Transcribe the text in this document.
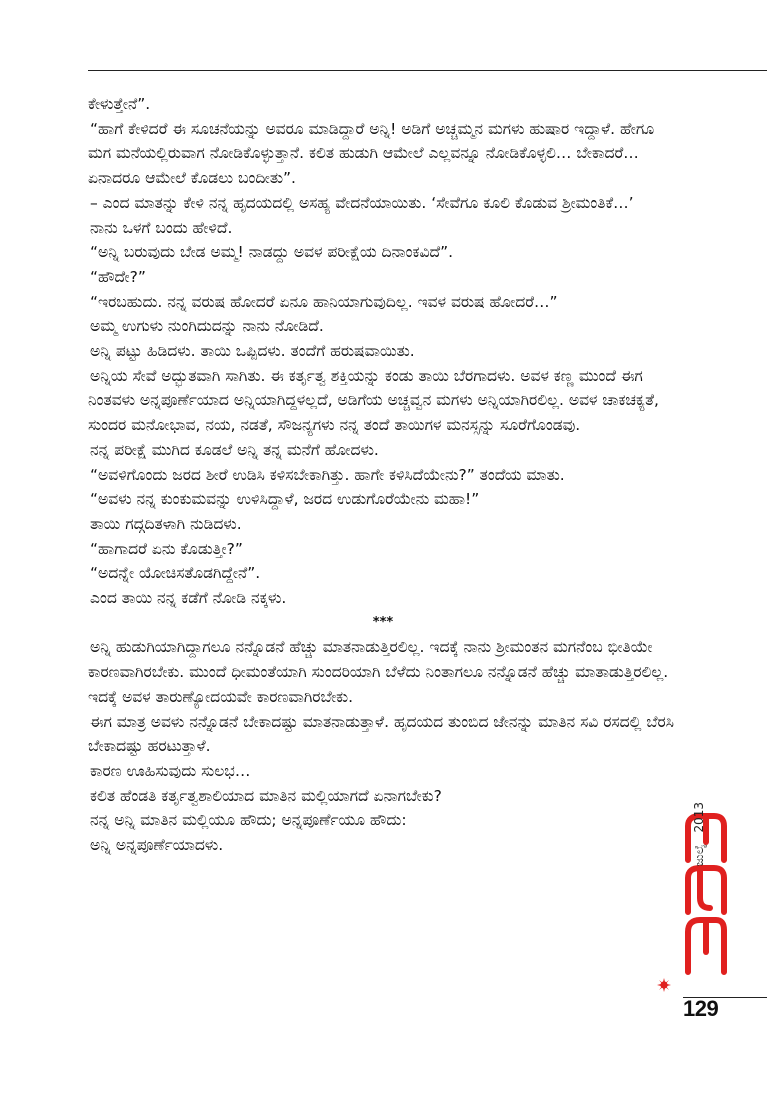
ಕೇಳುತ್ತೇನೆ”.

“ಹಾಗೆ ಕೇಳಿದರೆ ಈ ಸೂಚನೆಯನ್ನು ಅವರೂ ಮಾಡಿದ್ದಾರೆ ಅನ್ನಿ! ಅಡಿಗೆ ಅಚ್ಚಮ್ಮನ ಮಗಳು ಹುಷಾರ ಇದ್ದಾಳೆ. ಹೇಗೂ ಮಗ ಮನೆಯಲ್ಲಿರುವಾಗ ನೋಡಿಕೊಳ್ಳುತ್ತಾನೆ. ಕಲಿತ ಹುಡುಗಿ ಆಮೇಲೆ ಎಲ್ಲವನ್ನೂ ನೋಡಿಕೊಳ್ಳಲಿ… ಬೇಕಾದರೆ… ಏನಾದರೂ ಆಮೇಲೆ ಕೊಡಲು ಬಂದೀತು”.

– ಎಂದ ಮಾತನ್ನು ಕೇಳಿ ನನ್ನ ಹೃದಯದಲ್ಲಿ ಅಸಹ್ಯ ವೇದನೆಯಾಯಿತು. ‘ಸೇವೆಗೂ ಕೂಲಿ ಕೊಡುವ ಶ್ರೀಮಂತಿಕೆ…’

ನಾನು ಒಳಗೆ ಬಂದು ಹೇಳಿದೆ.

“ಅನ್ನಿ ಬರುವುದು ಬೇಡ ಅಮ್ಮ! ನಾಡದ್ದು ಅವಳ ಪರೀಕ್ಷೆಯ ದಿನಾಂಕವಿದೆ”.

“ಹೌದೇ?”

“ಇರಬಹುದು. ನನ್ನ ವರುಷ ಹೋದರೆ ಏನೂ ಹಾನಿಯಾಗುವುದಿಲ್ಲ. ಇವಳ ವರುಷ ಹೋದರೆ…”

ಅಮ್ಮ ಉಗುಳು ನುಂಗಿದುದನ್ನು ನಾನು ನೋಡಿದೆ.

ಅನ್ನಿ ಪಟ್ಟು ಹಿಡಿದಳು. ತಾಯಿ ಒಪ್ಪಿದಳು. ತಂದೆಗೆ ಹರುಷವಾಯಿತು.

ಅನ್ನಿಯ ಸೇವೆ ಅದ್ಭುತವಾಗಿ ಸಾಗಿತು. ಈ ಕರ್ತೃತ್ವ ಶಕ್ತಿಯನ್ನು ಕಂಡು ತಾಯಿ ಬೆರಗಾದಳು. ಅವಳ ಕಣ್ಣ ಮುಂದೆ ಈಗ ನಿಂತವಳು ಅನ್ನಪೂರ್ಣೆಯಾದ ಅನ್ನಿಯಾಗಿದ್ದಳಲ್ಲದೆ, ಅಡಿಗೆಯ ಅಚ್ಚವ್ವನ ಮಗಳು ಅನ್ನಿಯಾಗಿರಲಿಲ್ಲ. ಅವಳ ಚಾಕಚಕ್ಯತೆ, ಸುಂದರ ಮನೋಭಾವ, ನಯ, ನಡತೆ, ಸೌಜನ್ಯಗಳು ನನ್ನ ತಂದೆ ತಾಯಿಗಳ ಮನಸ್ಸನ್ನು ಸೂರೆಗೊಂಡವು.

ನನ್ನ ಪರೀಕ್ಷೆ ಮುಗಿದ ಕೂಡಲೆ ಅನ್ನಿ ತನ್ನ ಮನೆಗೆ ಹೋದಳು.

“ಅವಳಿಗೊಂದು ಜರದ ಶೀರೆ ಉಡಿಸಿ ಕಳಿಸಬೇಕಾಗಿತ್ತು. ಹಾಗೇ ಕಳಿಸಿದೆಯೇನು?” ತಂದೆಯ ಮಾತು.

“ಅವಳು ನನ್ನ ಕುಂಕುಮವನ್ನು ಉಳಿಸಿದ್ದಾಳೆ, ಜರದ ಉಡುಗೊರೆಯೇನು ಮಹಾ!”

ತಾಯಿ ಗದ್ಗದಿತಳಾಗಿ ನುಡಿದಳು.

“ಹಾಗಾದರೆ ಏನು ಕೊಡುತ್ತೀ?”

“ಅದನ್ನೇ ಯೋಚಿಸತೊಡಗಿದ್ದೇನೆ”.

ಎಂದ ತಾಯಿ ನನ್ನ ಕಡೆಗೆ ನೋಡಿ ನಕ್ಕಳು.

***

ಅನ್ನಿ ಹುಡುಗಿಯಾಗಿದ್ದಾಗಲೂ ನನ್ನೊಡನೆ ಹೆಚ್ಚು ಮಾತನಾಡುತ್ತಿರಲಿಲ್ಲ. ಇದಕ್ಕೆ ನಾನು ಶ್ರೀಮಂತನ ಮಗನೆಂಬ ಭೀತಿಯೇ ಕಾರಣವಾಗಿರಬೇಕು. ಮುಂದೆ ಧೀಮಂತೆಯಾಗಿ ಸುಂದರಿಯಾಗಿ ಬೆಳೆದು ನಿಂತಾಗಲೂ ನನ್ನೊಡನೆ ಹೆಚ್ಚು ಮಾತಾಡುತ್ತಿರಲಿಲ್ಲ. ಇದಕ್ಕೆ ಅವಳ ತಾರುಣ್ಯೋದಯವೇ ಕಾರಣವಾಗಿರಬೇಕು.

ಈಗ ಮಾತ್ರ ಅವಳು ನನ್ನೊಡನೆ ಬೇಕಾದಷ್ಟು ಮಾತನಾಡುತ್ತಾಳೆ. ಹೃದಯದ ತುಂಬಿದ ಜೇನನ್ನು ಮಾತಿನ ಸವಿ ರಸದಲ್ಲಿ ಬೆರಸಿ ಬೇಕಾದಷ್ಟು ಹರಟುತ್ತಾಳೆ.

ಕಾರಣ ಊಹಿಸುವುದು ಸುಲಭ…

ಕಲಿತ ಹೆಂಡತಿ ಕರ್ತೃತ್ವಶಾಲಿಯಾದ ಮಾತಿನ ಮಲ್ಲಿಯಾಗದೆ ಏನಾಗಬೇಕು?

ನನ್ನ ಅನ್ನಿ ಮಾತಿನ ಮಲ್ಲಿಯೂ ಹೌದು; ಅನ್ನಪೂರ್ಣೆಯೂ ಹೌದು:

ಅನ್ನಿ ಅನ್ನಪೂರ್ಣೆಯಾದಳು.	ಜುಲೈ   2013
129
